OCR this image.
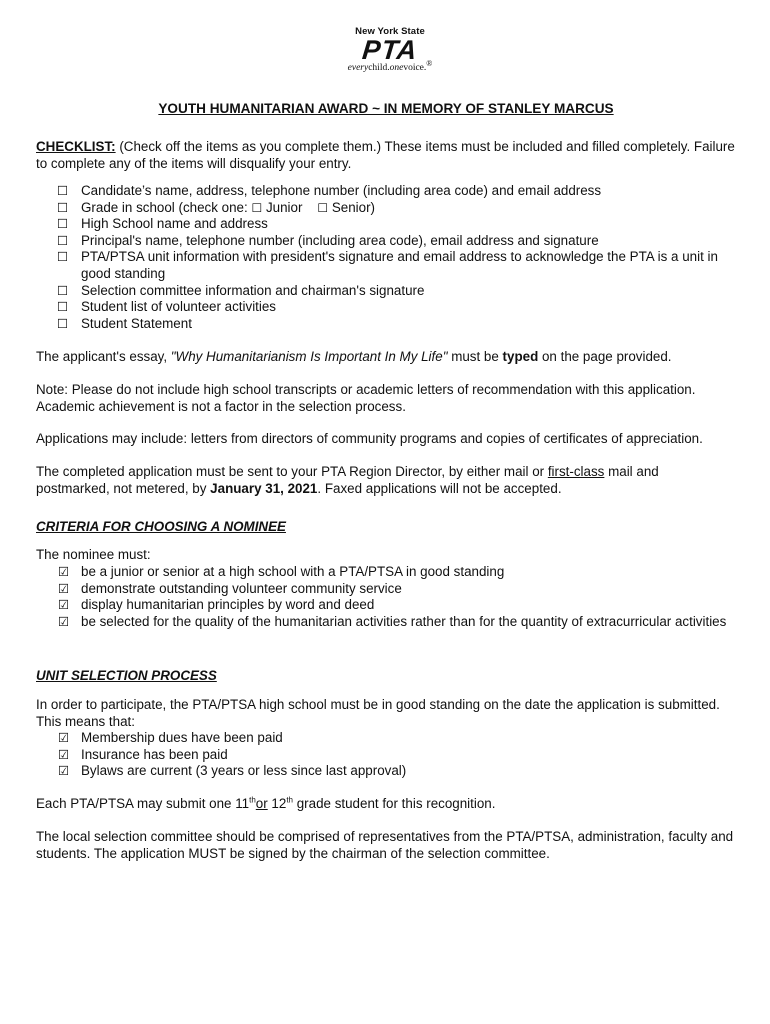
New York State
PTA
everychild.onevoice.®
YOUTH HUMANITARIAN AWARD ~ IN MEMORY OF STANLEY MARCUS
CHECKLIST: (Check off the items as you complete them.) These items must be included and filled completely. Failure to complete any of the items will disqualify your entry.
☐ Candidate’s name, address, telephone number (including area code) and email address
☐ Grade in school (check one: ☐ Junior ☐ Senior)
☐ High School name and address
☐ Principal's name, telephone number (including area code), email address and signature
☐ PTA/PTSA unit information with president's signature and email address to acknowledge the PTA is a unit in good standing
☐ Selection committee information and chairman's signature
☐ Student list of volunteer activities
☐ Student Statement
The applicant's essay, "Why Humanitarianism Is Important In My Life" must be typed on the page provided.
Note: Please do not include high school transcripts or academic letters of recommendation with this application. Academic achievement is not a factor in the selection process.
Applications may include: letters from directors of community programs and copies of certificates of appreciation.
The completed application must be sent to your PTA Region Director, by either mail or first-class mail and postmarked, not metered, by January 31, 2021. Faxed applications will not be accepted.
CRITERIA FOR CHOOSING A NOMINEE
The nominee must:
☑ be a junior or senior at a high school with a PTA/PTSA in good standing
☑ demonstrate outstanding volunteer community service
☑ display humanitarian principles by word and deed
☑ be selected for the quality of the humanitarian activities rather than for the quantity of extracurricular activities
UNIT SELECTION PROCESS
In order to participate, the PTA/PTSA high school must be in good standing on the date the application is submitted. This means that:
☑ Membership dues have been paid
☑ Insurance has been paid
☑ Bylaws are current (3 years or less since last approval)
Each PTA/PTSA may submit one 11thor 12th grade student for this recognition.
The local selection committee should be comprised of representatives from the PTA/PTSA, administration, faculty and students. The application MUST be signed by the chairman of the selection committee.
